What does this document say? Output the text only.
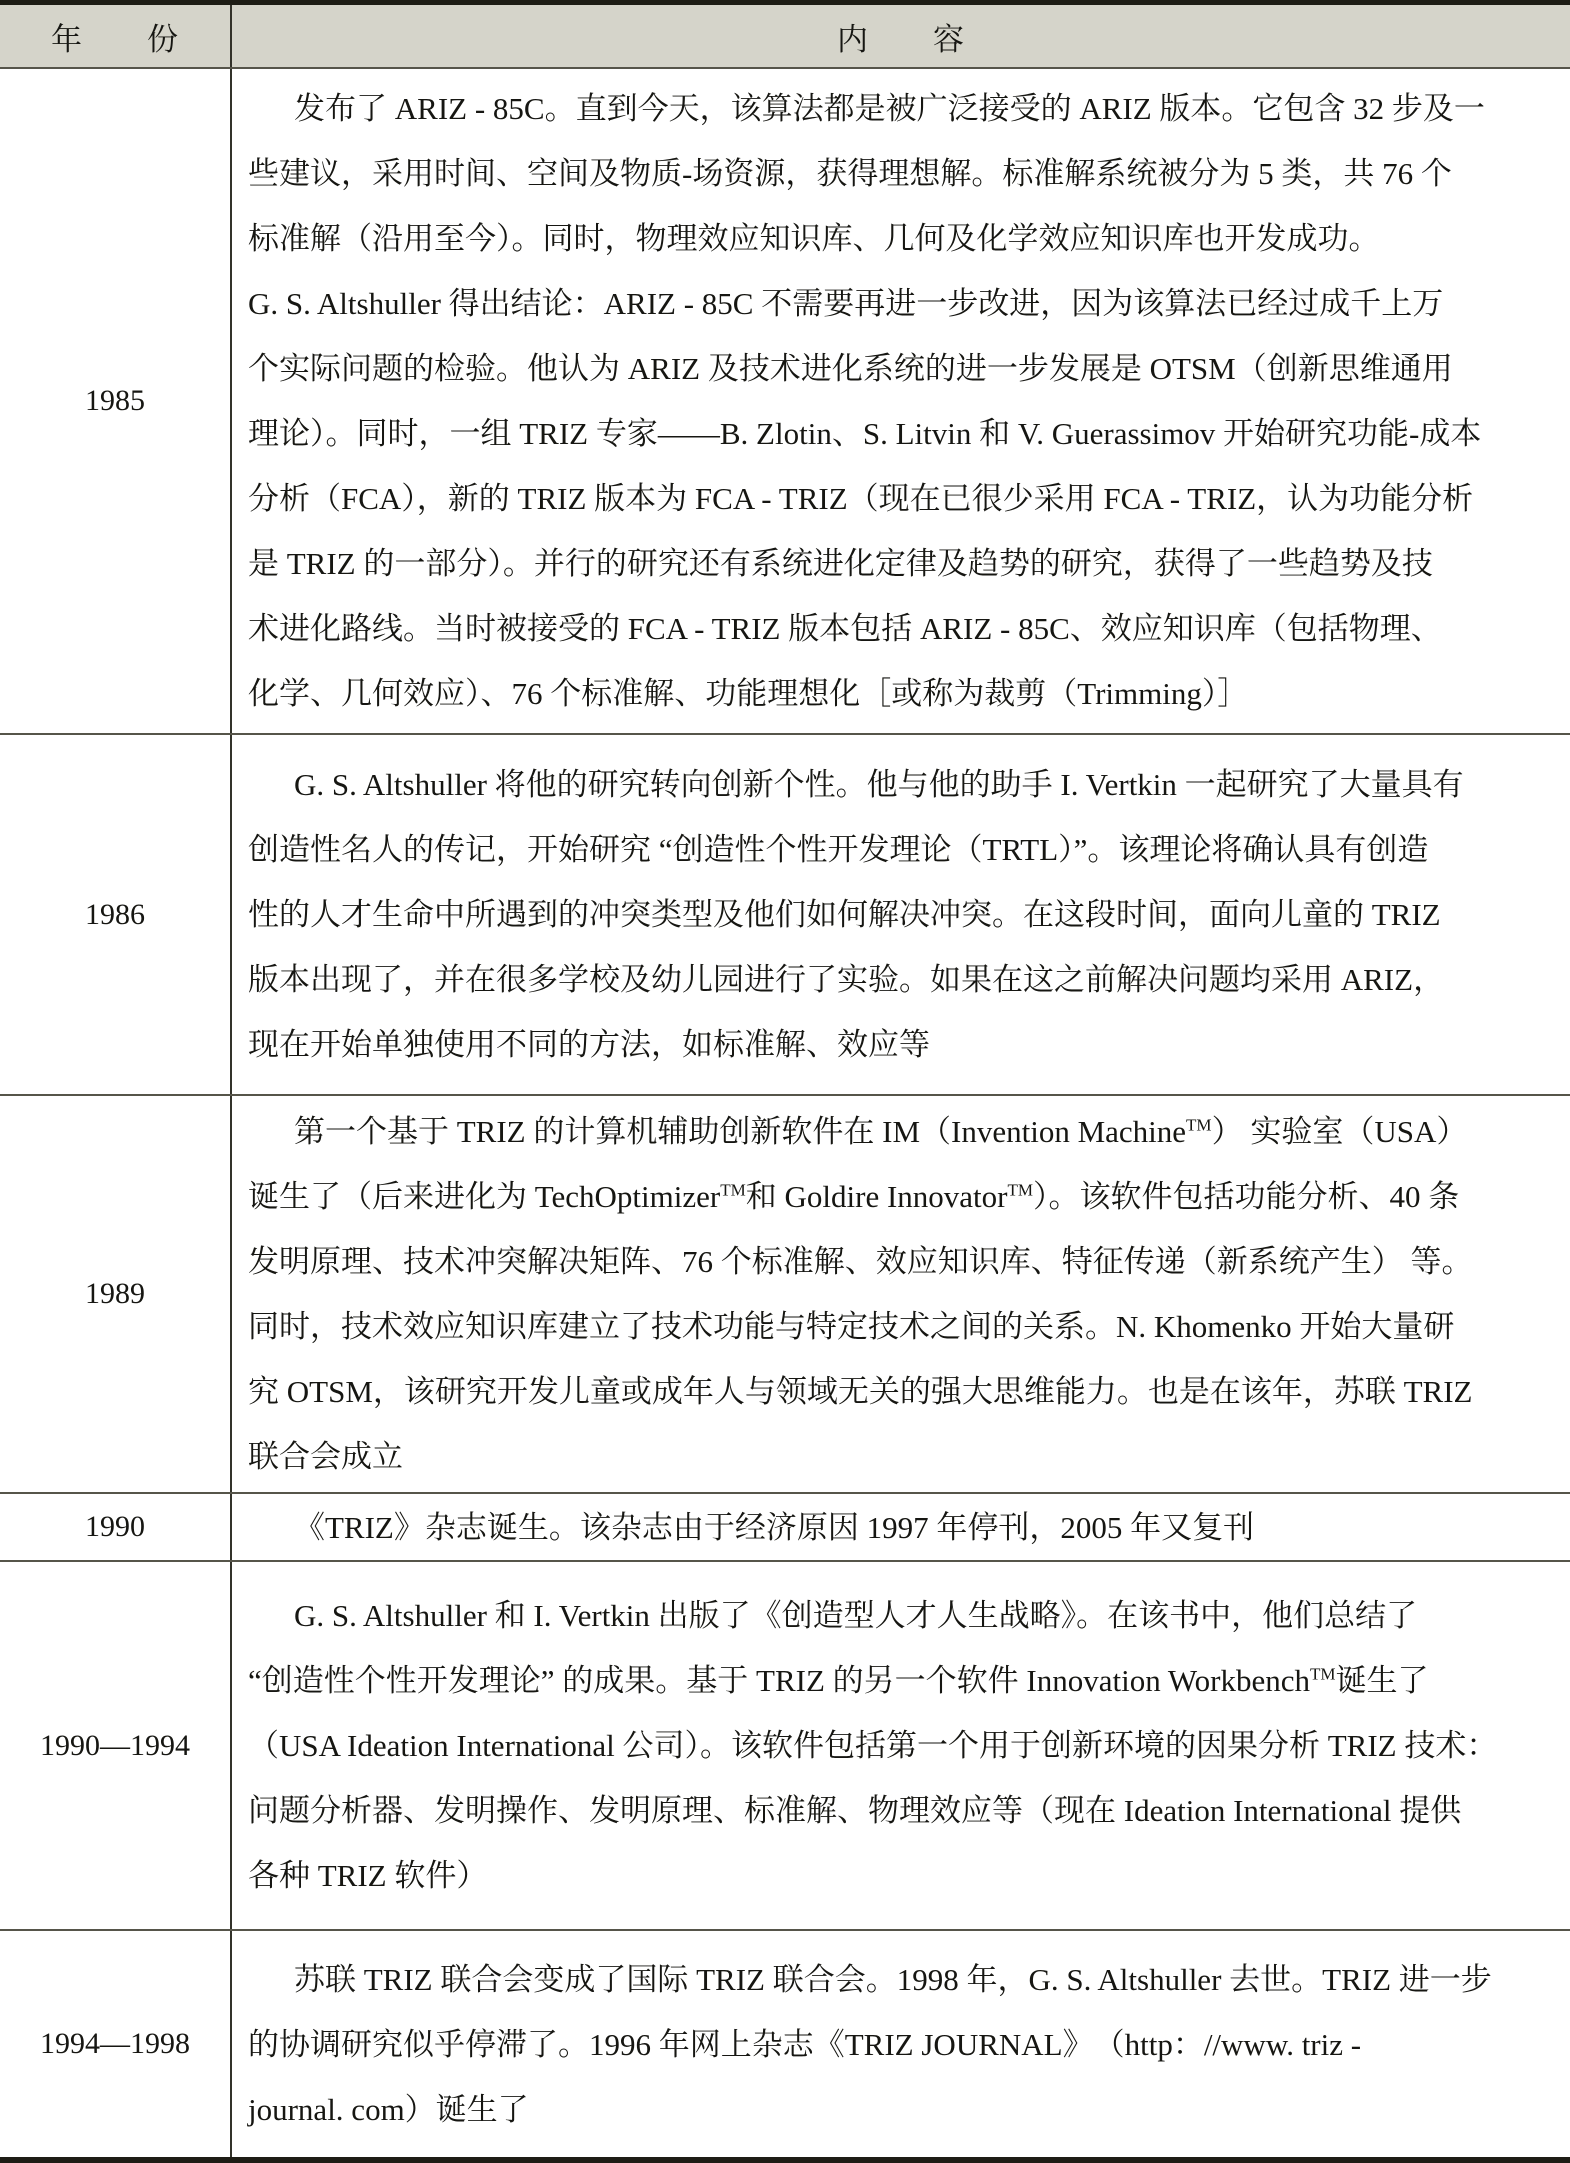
年　　份	内　　容
1985
发布了 ARIZ - 85C。直到今天，该算法都是被广泛接受的 ARIZ 版本。它包含 32 步及一
些建议，采用时间、空间及物质-场资源，获得理想解。标准解系统被分为 5 类，共 76 个
标准解（沿用至今）。同时，物理效应知识库、几何及化学效应知识库也开发成功。
G. S. Altshuller 得出结论：ARIZ - 85C 不需要再进一步改进，因为该算法已经过成千上万
个实际问题的检验。他认为 ARIZ 及技术进化系统的进一步发展是 OTSM（创新思维通用
理论）。同时，一组 TRIZ 专家——B. Zlotin、S. Litvin 和 V. Guerassimov 开始研究功能-成本
分析（FCA），新的 TRIZ 版本为 FCA - TRIZ（现在已很少采用 FCA - TRIZ，认为功能分析
是 TRIZ 的一部分）。并行的研究还有系统进化定律及趋势的研究，获得了一些趋势及技
术进化路线。当时被接受的 FCA - TRIZ 版本包括 ARIZ - 85C、效应知识库（包括物理、
化学、几何效应）、76 个标准解、功能理想化［或称为裁剪（Trimming）］
1986
G. S. Altshuller 将他的研究转向创新个性。他与他的助手 I. Vertkin 一起研究了大量具有
创造性名人的传记，开始研究 “创造性个性开发理论（TRTL）”。该理论将确认具有创造
性的人才生命中所遇到的冲突类型及他们如何解决冲突。在这段时间，面向儿童的 TRIZ
版本出现了，并在很多学校及幼儿园进行了实验。如果在这之前解决问题均采用 ARIZ，
现在开始单独使用不同的方法，如标准解、效应等
1989
第一个基于 TRIZ 的计算机辅助创新软件在 IM（Invention Machine™） 实验室（USA）
诞生了（后来进化为 TechOptimizer™和 Goldire Innovator™）。该软件包括功能分析、40 条
发明原理、技术冲突解决矩阵、76 个标准解、效应知识库、特征传递（新系统产生） 等。
同时，技术效应知识库建立了技术功能与特定技术之间的关系。N. Khomenko 开始大量研
究 OTSM，该研究开发儿童或成年人与领域无关的强大思维能力。也是在该年，苏联 TRIZ
联合会成立
1990	《TRIZ》杂志诞生。该杂志由于经济原因 1997 年停刊，2005 年又复刊
1990—1994
G. S. Altshuller 和 I. Vertkin 出版了《创造型人才人生战略》。在该书中，他们总结了
“创造性个性开发理论” 的成果。基于 TRIZ 的另一个软件 Innovation Workbench™诞生了
（USA Ideation International 公司）。该软件包括第一个用于创新环境的因果分析 TRIZ 技术：
问题分析器、发明操作、发明原理、标准解、物理效应等（现在 Ideation International 提供
各种 TRIZ 软件）
1994—1998
苏联 TRIZ 联合会变成了国际 TRIZ 联合会。1998 年，G. S. Altshuller 去世。TRIZ 进一步
的协调研究似乎停滞了。1996 年网上杂志《TRIZ JOURNAL》　（http：//www. triz -
journal. com）诞生了
